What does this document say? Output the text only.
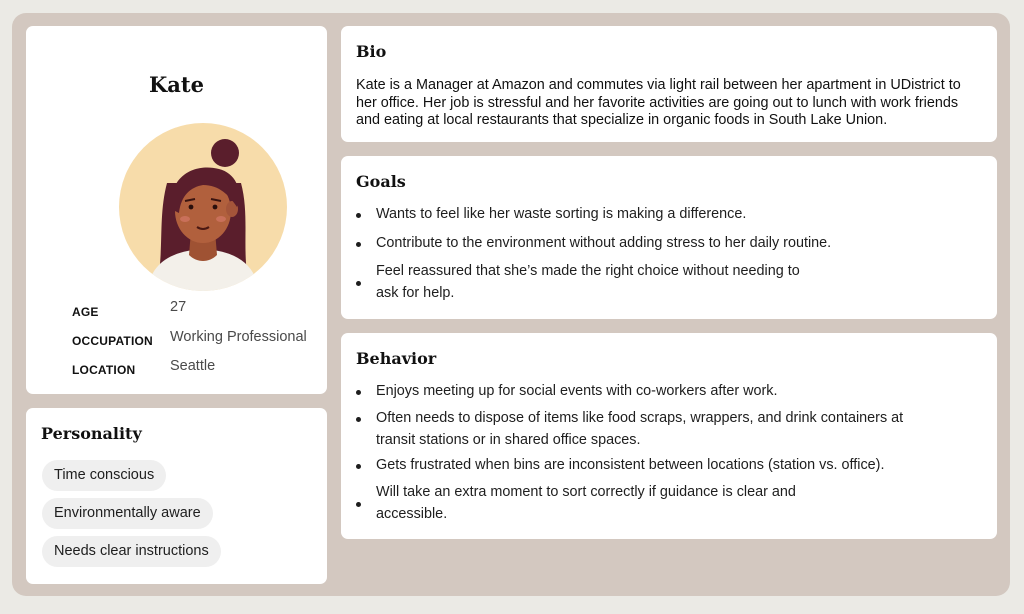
Kate
AGE	27
OCCUPATION Working Professional
LOCATION Seattle
Personality
Time conscious
Environmentally aware
Needs clear instructions
Bio
Kate is a Manager at Amazon and commutes via light rail between her apartment in UDistrict to
her office. Her job is stressful and her favorite activities are going out to lunch with work friends
and eating at local restaurants that specialize in organic foods in South Lake Union.
Goals
Wants to feel like her waste sorting is making a difference.
Contribute to the environment without adding stress to her daily routine.
Feel reassured that she’s made the right choice without needing to
ask for help.
Behavior
Enjoys meeting up for social events with co-workers after work.
Often needs to dispose of items like food scraps, wrappers, and drink containers at
transit stations or in shared office spaces.
Gets frustrated when bins are inconsistent between locations (station vs. office).
Will take an extra moment to sort correctly if guidance is clear and
accessible.
